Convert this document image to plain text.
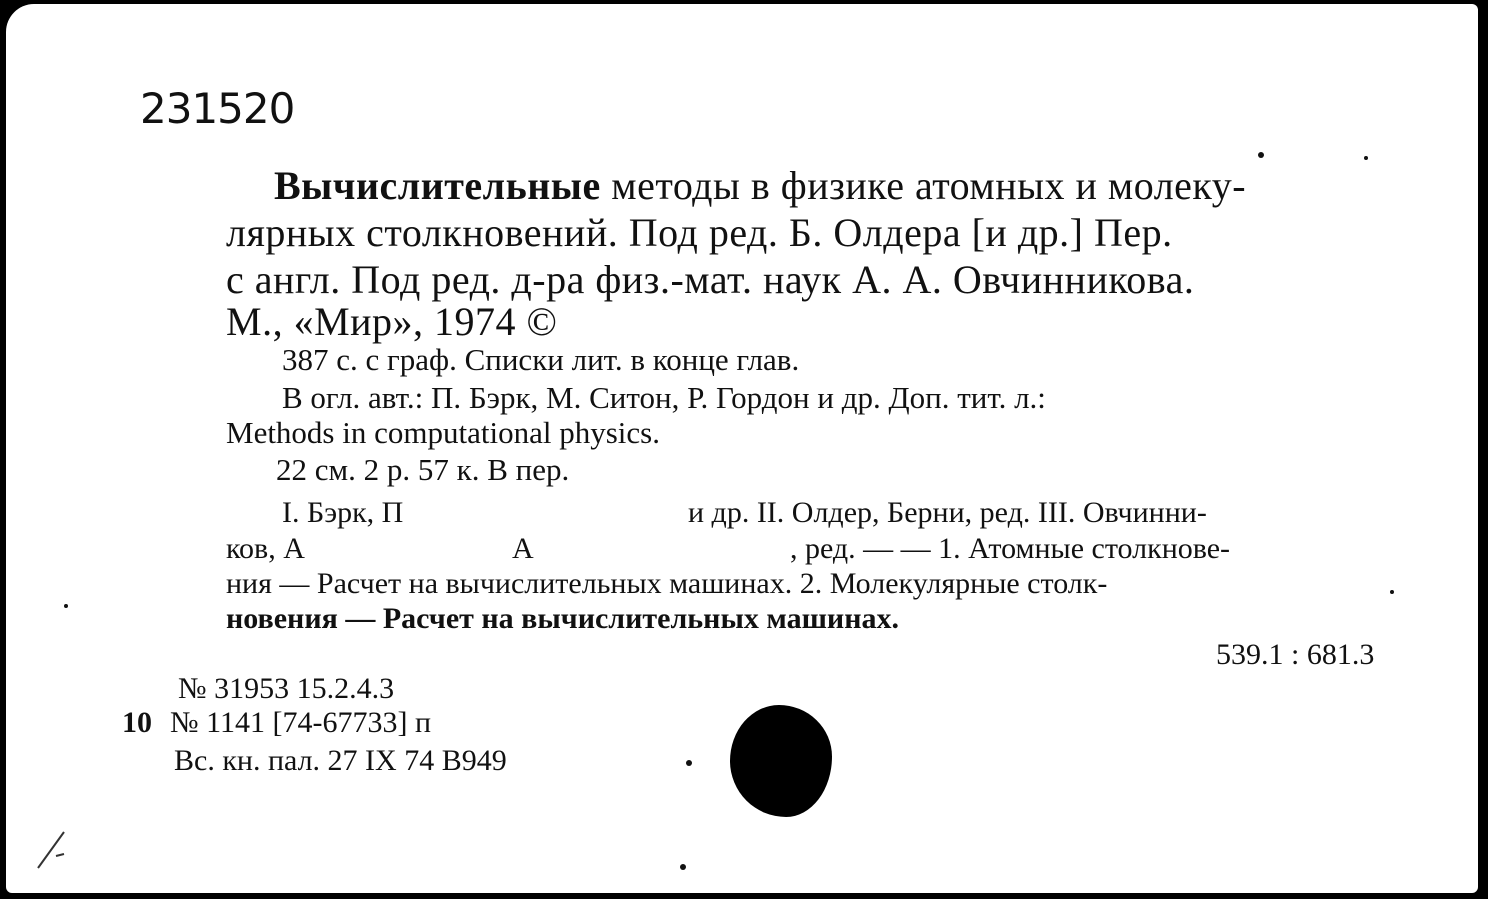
231520
Вычислительные методы в физике атомных и молеку-
лярных столкновений. Под ред. Б. Олдера [и др.] Пер.
с англ. Под ред. д-ра физ.-мат. наук А. А. Овчинникова.
М., «Мир», 1974 ©
387 с. с граф. Списки лит. в конце глав.
В огл. авт.: П. Бэрк, М. Ситон, Р. Гордон и др. Доп. тит. л.:
Methods in computational physics.
22 см. 2 р. 57 к. В пер.
I. Бэрк, П	и др. II. Олдер, Берни, ред. III. Овчинни-
ков, А	А	, ред. — — 1. Атомные столкнове-
ния — Расчет на вычислительных машинах. 2. Молекулярные столк-
новения — Расчет на вычислительных машинах.
539.1 : 681.3
№ 31953 15.2.4.3
10 № 1141 [74-67733] п
Вс. кн. пал. 27 IX 74 В949
